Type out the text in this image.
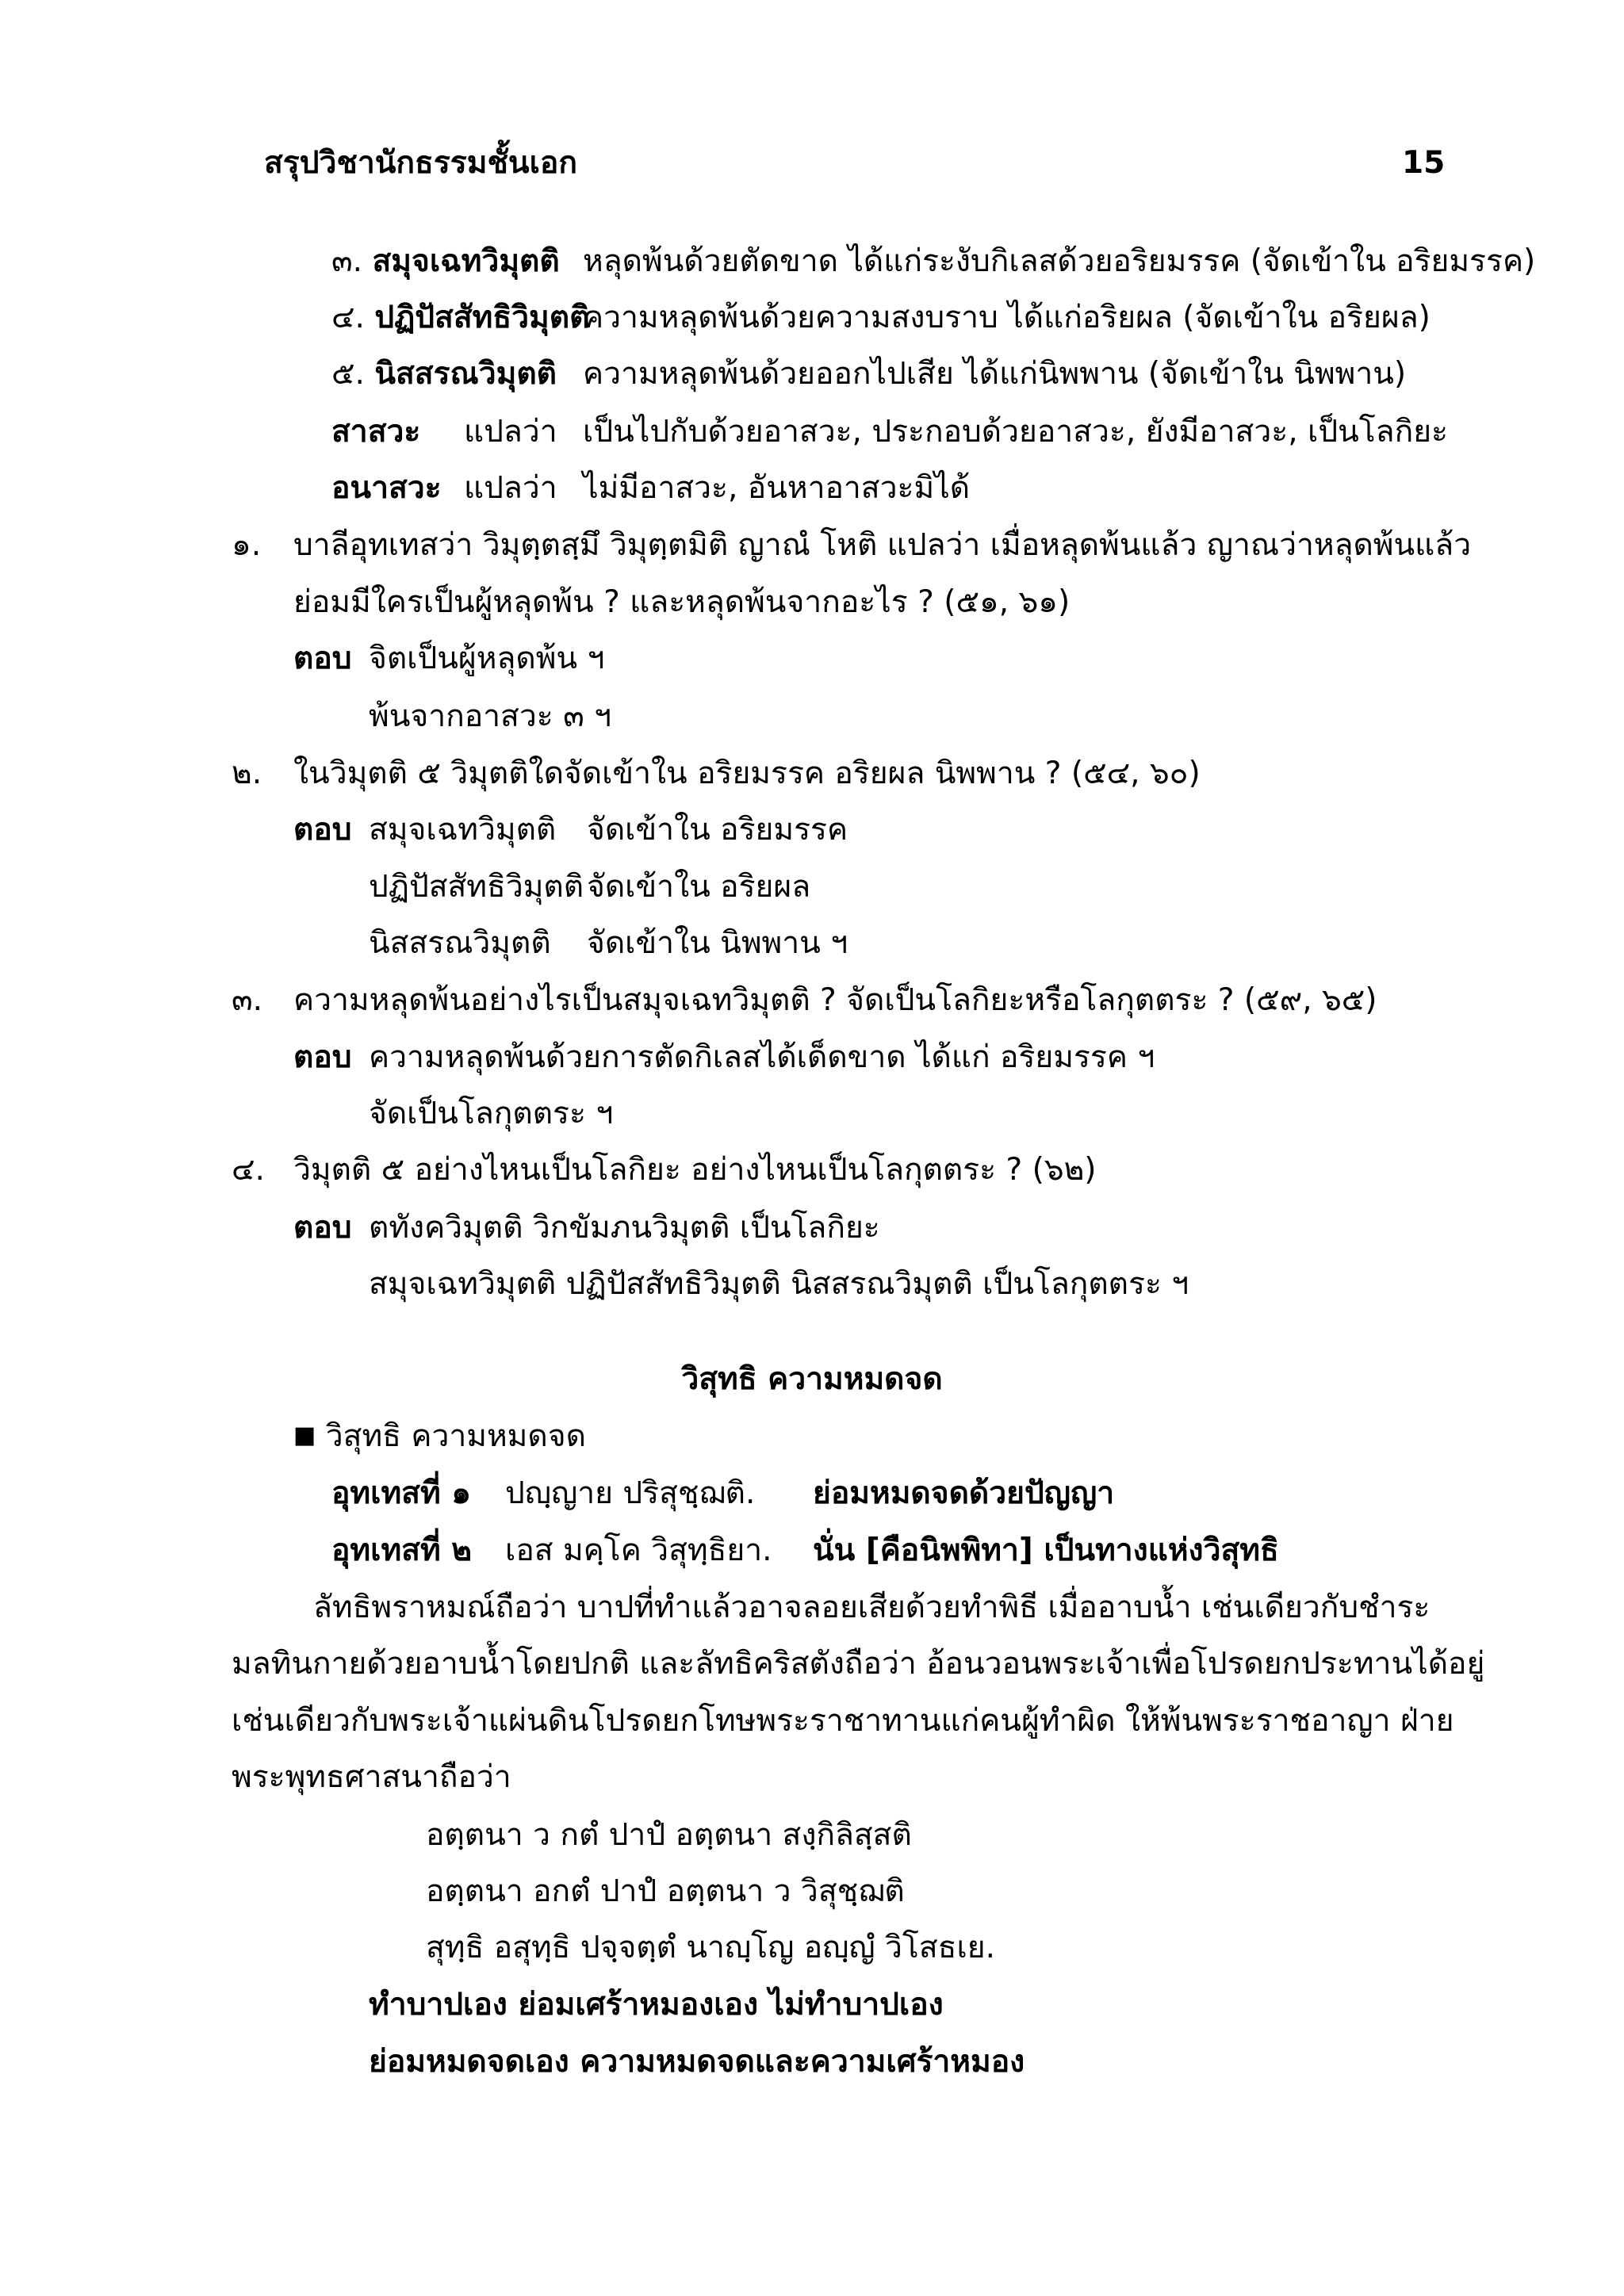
สรุปวิชานักธรรมชั้นเอก	15
๓. สมุจเฉทวิมุตติ หลุดพ้นด้วยตัดขาด ได้แก่ระงับกิเลสด้วยอริยมรรค (จัดเข้าใน อริยมรรค)
๔. ปฏิปัสสัทธิวิมุตติ
ความหลุดพ้นด้วยความสงบราบ ได้แก่อริยผล (จัดเข้าใน อริยผล)
๕. นิสสรณวิมุตติ ความหลุดพ้นด้วยออกไปเสีย ได้แก่นิพพาน (จัดเข้าใน นิพพาน)
สาสวะ แปลว่า เป็นไปกับด้วยอาสวะ, ประกอบด้วยอาสวะ, ยังมีอาสวะ, เป็นโลกิยะ
อนาสวะ แปลว่า ไม่มีอาสวะ, อันหาอาสวะมิได้
๑. บาลีอุทเทสว่า วิมุตฺตสฺมึ วิมุตฺตมิติ ญาณํ โหติ แปลว่า เมื่อหลุดพ้นแล้ว ญาณว่าหลุดพ้นแล้ว
ย่อมมีใครเป็นผู้หลุดพ้น ? และหลุดพ้นจากอะไร ? (๕๑, ๖๑)
ตอบ จิตเป็นผู้หลุดพ้น ฯ
พ้นจากอาสวะ ๓ ฯ
๒. ในวิมุตติ ๕ วิมุตติใดจัดเข้าใน อริยมรรค อริยผล นิพพาน ? (๕๔, ๖๐)
ตอบ สมุจเฉทวิมุตติ จัดเข้าใน อริยมรรค
ปฏิปัสสัทธิวิมุตติ จัดเข้าใน อริยผล
นิสสรณวิมุตติ จัดเข้าใน นิพพาน ฯ
๓. ความหลุดพ้นอย่างไรเป็นสมุจเฉทวิมุตติ ? จัดเป็นโลกิยะหรือโลกุตตระ ? (๕๙, ๖๕)
ตอบ ความหลุดพ้นด้วยการตัดกิเลสได้เด็ดขาด ได้แก่ อริยมรรค ฯ
จัดเป็นโลกุตตระ ฯ
๔. วิมุตติ ๕ อย่างไหนเป็นโลกิยะ อย่างไหนเป็นโลกุตตระ ? (๖๒)
ตอบ ตทังควิมุตติ วิกขัมภนวิมุตติ เป็นโลกิยะ
สมุจเฉทวิมุตติ ปฏิปัสสัทธิวิมุตติ นิสสรณวิมุตติ เป็นโลกุตตระ ฯ
วิสุทธิ ความหมดจด
■ วิสุทธิ ความหมดจด
อุทเทสที่ ๑ ปญฺญาย ปริสุชฺฌติ. ย่อมหมดจดด้วยปัญญา
อุทเทสที่ ๒ เอส มคฺโค วิสุทฺธิยา. นั่น [คือนิพพิทา] เป็นทางแห่งวิสุทธิ
ลัทธิพราหมณ์ถือว่า บาปที่ทำแล้วอาจลอยเสียด้วยทำพิธี เมื่ออาบน้ำ เช่นเดียวกับชำระ
มลทินกายด้วยอาบน้ำโดยปกติ และลัทธิคริสตังถือว่า อ้อนวอนพระเจ้าเพื่อโปรดยกประทานได้อยู่
เช่นเดียวกับพระเจ้าแผ่นดินโปรดยกโทษพระราชาทานแก่คนผู้ทำผิด ให้พ้นพระราชอาญา ฝ่าย
พระพุทธศาสนาถือว่า
อตฺตนา ว กตํ ปาปํ อตฺตนา สงฺกิลิสฺสติ
อตฺตนา อกตํ ปาปํ อตฺตนา ว วิสุชฺฌติ
สุทฺธิ อสุทฺธิ ปจฺจตฺตํ นาญฺโญ อญฺญํ วิโสธเย.
ทำบาปเอง ย่อมเศร้าหมองเอง ไม่ทำบาปเอง
ย่อมหมดจดเอง ความหมดจดและความเศร้าหมอง
